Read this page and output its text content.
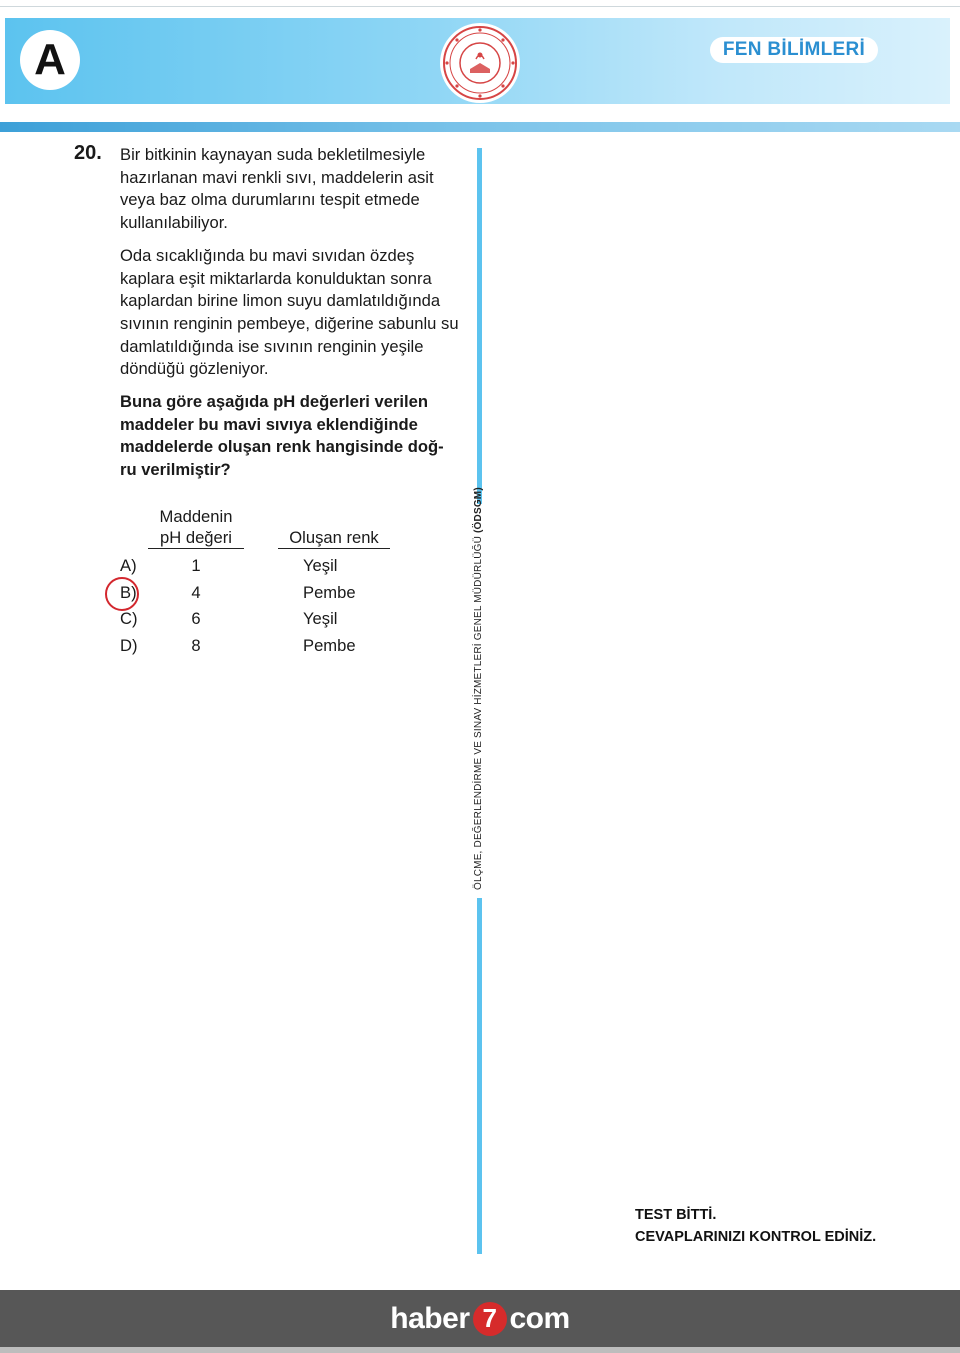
A	FEN BİLİMLERİ
20. Bir bitkinin kaynayan suda bekletilmesiyle hazırlanan mavi renkli sıvı, maddelerin asit veya baz olma durumlarını tespit etmede kullanılabiliyor.

Oda sıcaklığında bu mavi sıvıdan özdeş kaplara eşit miktarlarda konulduktan sonra kaplardan birine limon suyu damlatıldığında sıvının renginin pembeye, diğerine sabunlu su damlatıldığında ise sıvının renginin yeşile döndüğü gözleniyor.

Buna göre aşağıda pH değerleri verilen
maddeler bu mavi sıvıya eklendiğinde
maddelerde oluşan renk hangisinde doğ-
ru verilmiştir?

Maddenin
pH değeri	Oluşan renk
A)	1	Yeşil
B)	4	Pembe
C)	6	Yeşil
D)	8	Pembe	ÖLÇME, DEĞERLENDİRME VE SINAV HİZMETLERİ GENEL MÜDÜRLÜĞÜ (ÖDSGM)
TEST BİTTİ.
CEVAPLARINIZI KONTROL EDİNİZ.
haber 7 com
